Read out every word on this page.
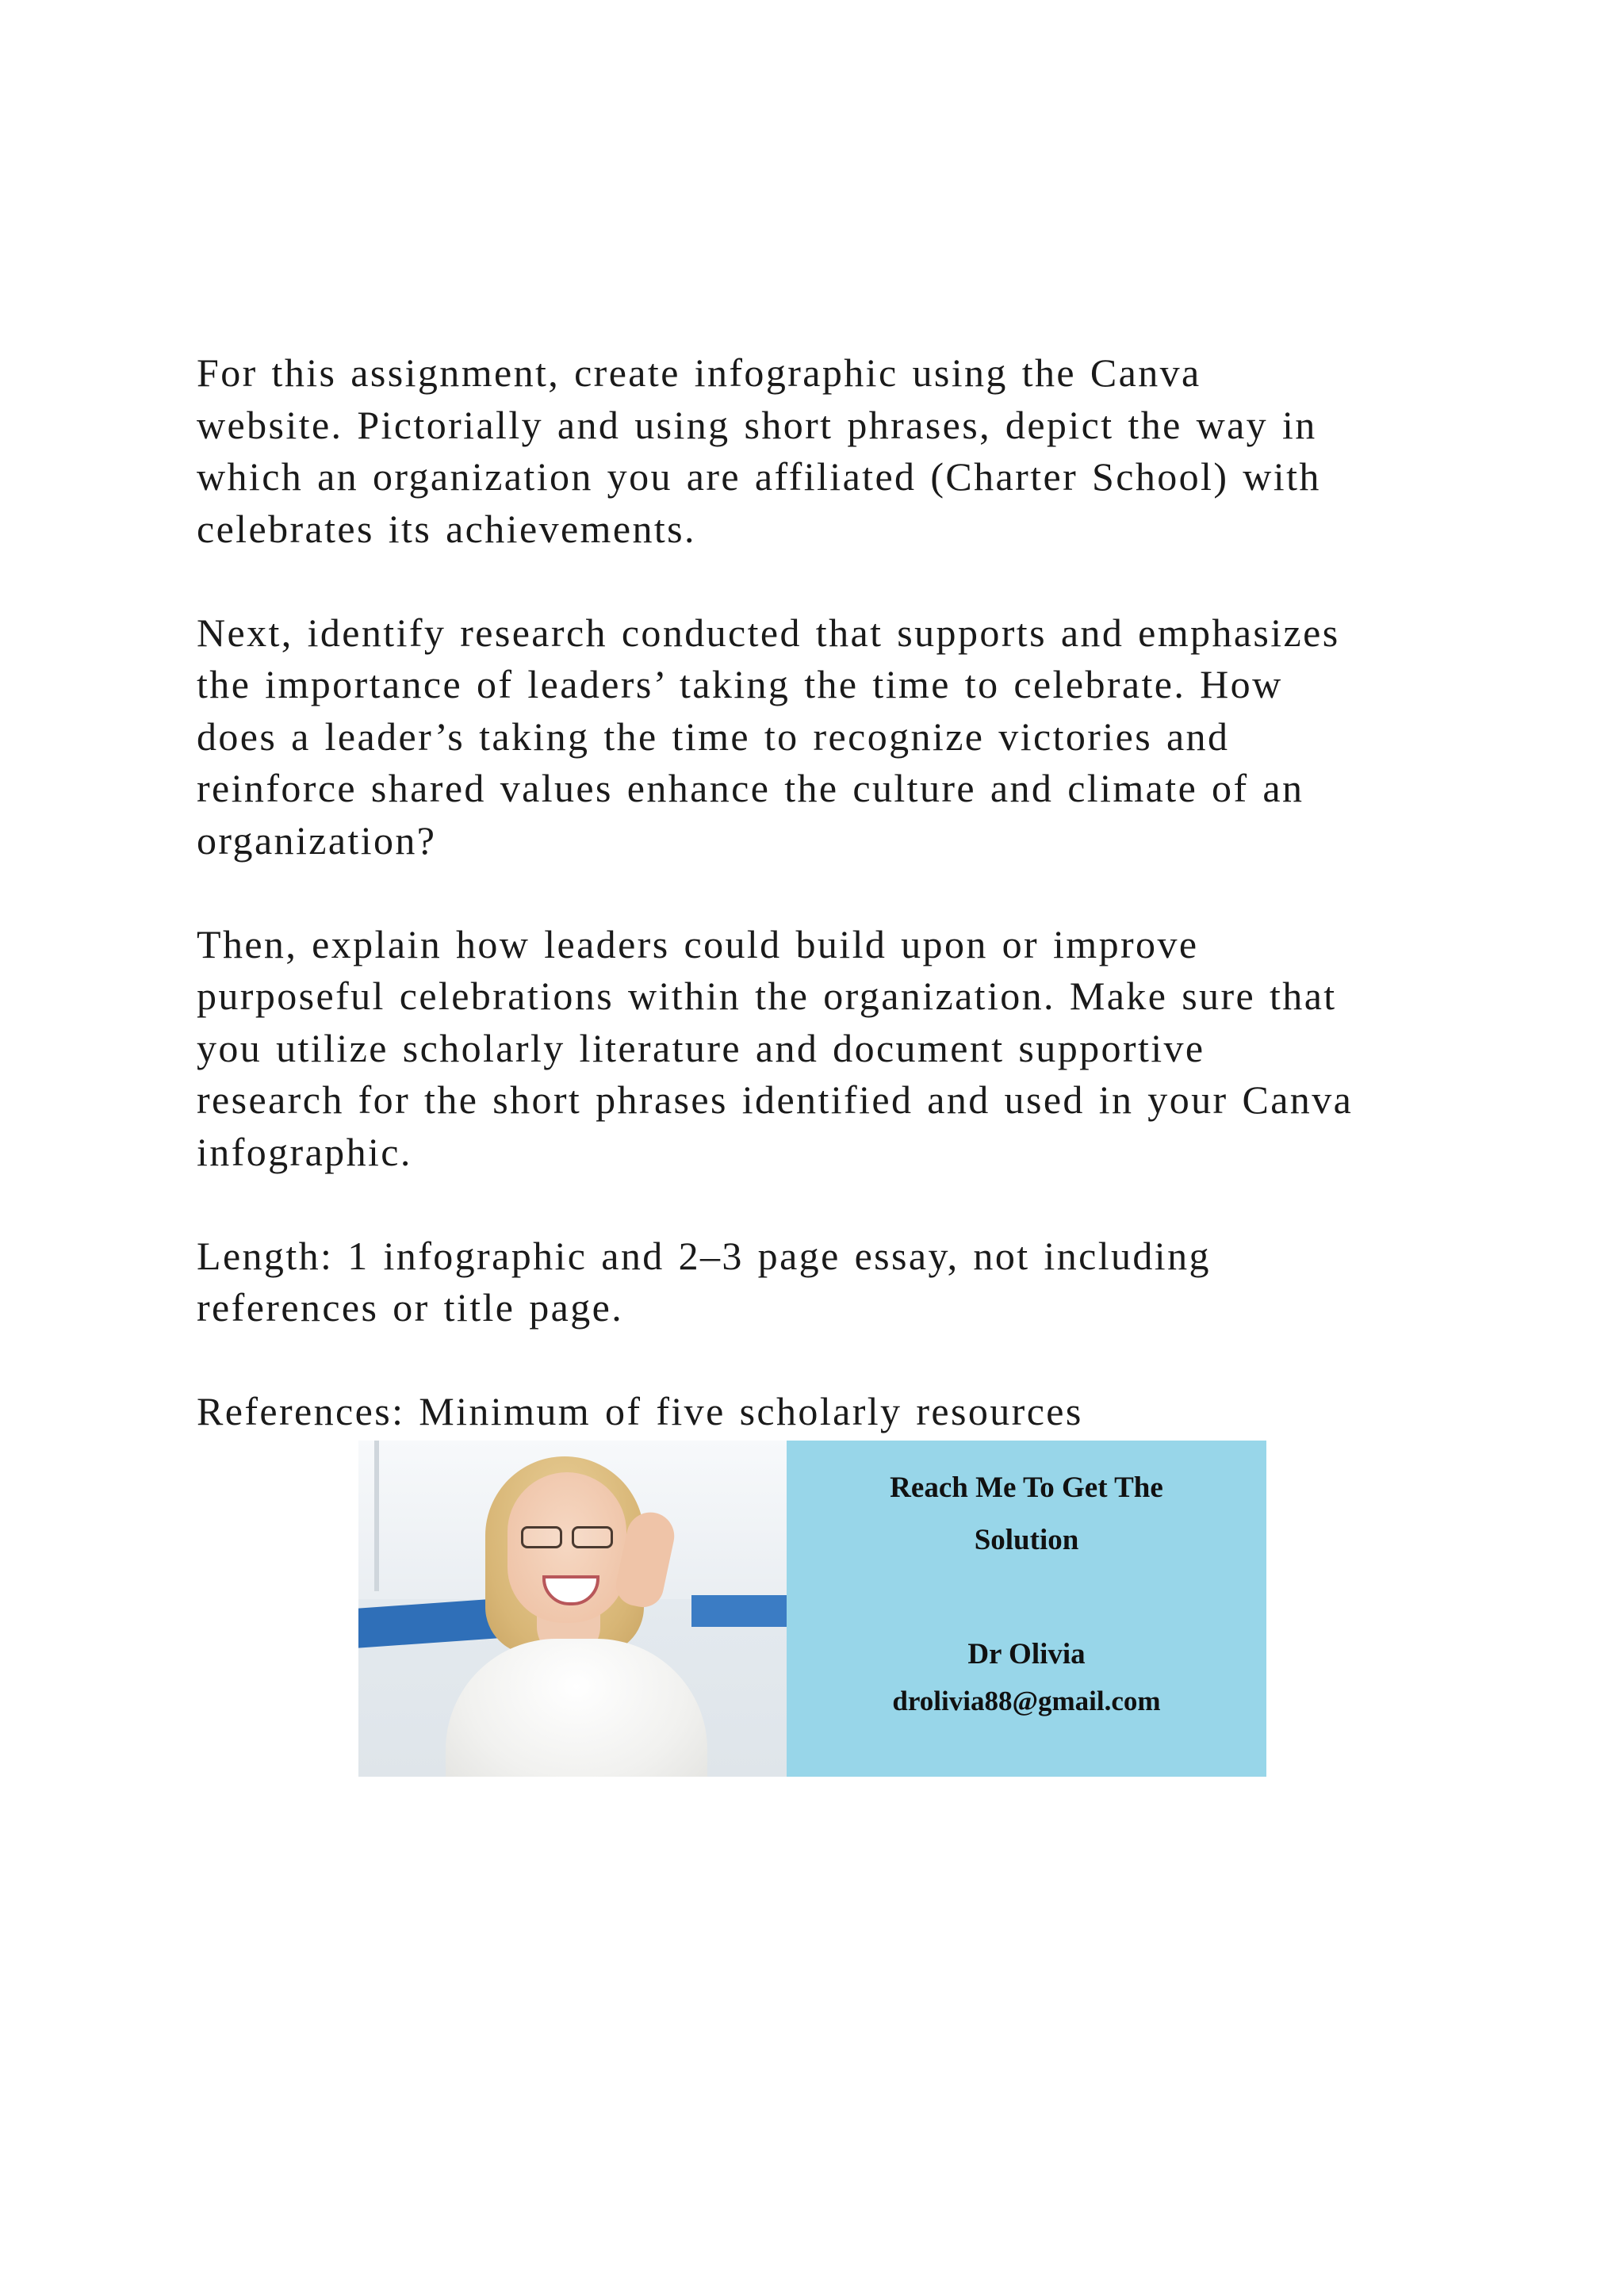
For this assignment, create infographic using the Canva
website. Pictorially and using short phrases, depict the way in
which an organization you are affiliated (Charter School) with
celebrates its achievements.

Next, identify research conducted that supports and emphasizes
the importance of leaders’ taking the time to celebrate. How
does a leader’s taking the time to recognize victories and
reinforce shared values enhance the culture and climate of an
organization?

Then, explain how leaders could build upon or improve
purposeful celebrations within the organization. Make sure that
you utilize scholarly literature and document supportive
research for the short phrases identified and used in your Canva
infographic.

Length: 1 infographic and 2–3 page essay, not including
references or title page.

References: Minimum of five scholarly resources

Reach Me To Get The
Solution
Dr Olivia
drolivia88@gmail.com
